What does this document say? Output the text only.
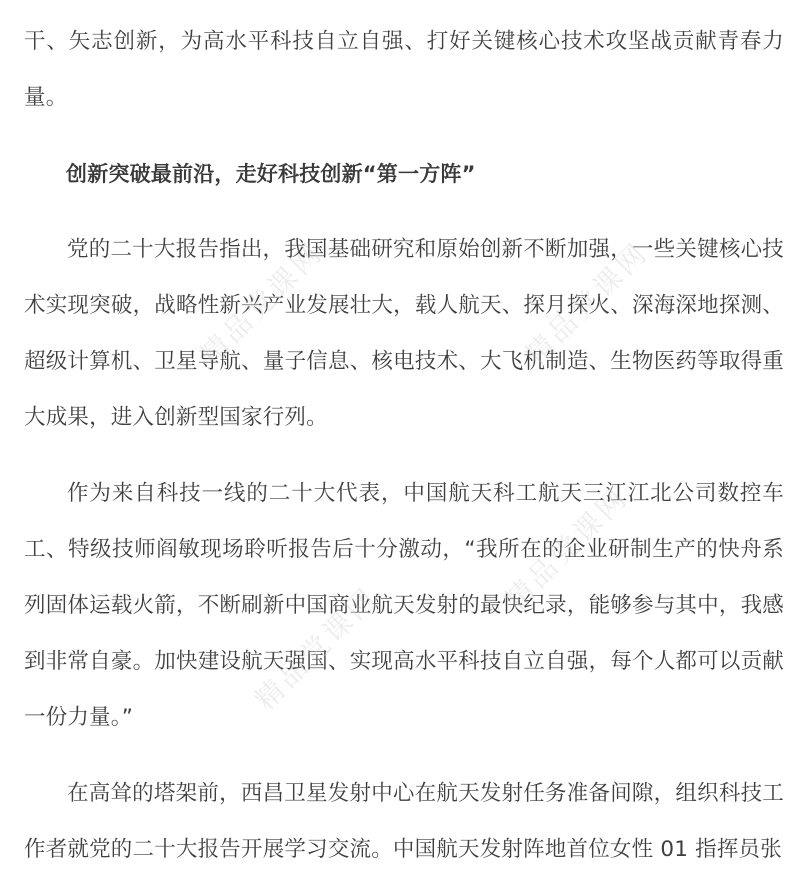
干、矢志创新，为高水平科技自立自强、打好关键核心技术攻坚战贡献青春力量。

创新突破最前沿，走好科技创新“第一方阵”

党的二十大报告指出，我国基础研究和原始创新不断加强，一些关键核心技术实现突破，战略性新兴产业发展壮大，载人航天、探月探火、深海深地探测、超级计算机、卫星导航、量子信息、核电技术、大飞机制造、生物医药等取得重大成果，进入创新型国家行列。

作为来自科技一线的二十大代表，中国航天科工航天三江江北公司数控车工、特级技师阎敏现场聆听报告后十分激动，“我所在的企业研制生产的快舟系列固体运载火箭，不断刷新中国商业航天发射的最快纪录，能够参与其中，我感到非常自豪。加快建设航天强国、实现高水平科技自立自强，每个人都可以贡献一份力量。”

在高耸的塔架前，西昌卫星发射中心在航天发射任务准备间隙，组织科技工作者就党的二十大报告开展学习交流。中国航天发射阵地首位女性 01 指挥员张

精品党课网	精品党课网
精品党课网
精品党课网
